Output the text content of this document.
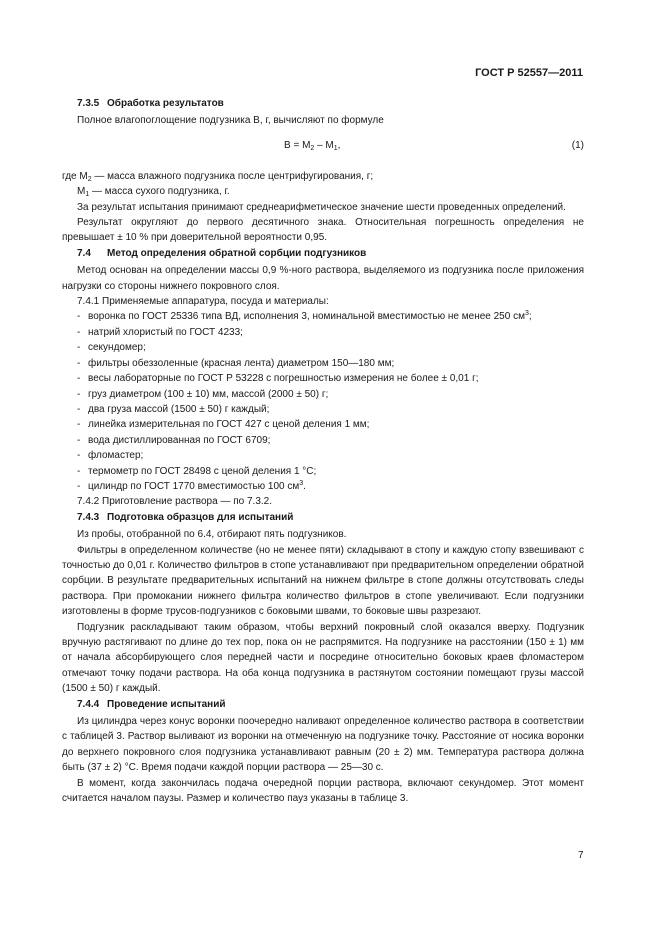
ГОСТ Р 52557—2011

7.3.5 Обработка результатов

Полное влагопоглощение подгузника В, г, вычисляют по формуле

$В = М_2 - М_1$,	(1)

где $М_2$ — масса влажного подгузника после центрифугирования, г;

$М_1$ — масса сухого подгузника, г.

За результат испытания принимают среднеарифметическое значение шести проведенных определений.

Результат округляют до первого десятичного знака. Относительная погрешность определения не превышает ± 10 % при доверительной вероятности 0,95.

7.4 Метод определения обратной сорбции подгузников

Метод основан на определении массы 0,9 %-ного раствора, выделяемого из подгузника после приложения нагрузки со стороны нижнего покровного слоя.

7.4.1 Применяемые аппаратура, посуда и материалы:

- воронка по ГОСТ 25336 типа ВД, исполнения 3, номинальной вместимостью не менее 250 $см^3$;
- натрий хлористый по ГОСТ 4233;
- секундомер;
- фильтры обеззоленные (красная лента) диаметром 150—180 мм;
- весы лабораторные по ГОСТ Р 53228 с погрешностью измерения не более ± 0,01 г;
- груз диаметром (100 ± 10) мм, массой (2000 ± 50) г;
- два груза массой (1500 ± 50) г каждый;
- линейка измерительная по ГОСТ 427 с ценой деления 1 мм;
- вода дистиллированная по ГОСТ 6709;
- фломастер;
- термометр по ГОСТ 28498 с ценой деления 1 °С;
- цилиндр по ГОСТ 1770 вместимостью 100 $см^3$.

7.4.2 Приготовление раствора — по 7.3.2.

7.4.3 Подготовка образцов для испытаний

Из пробы, отобранной по 6.4, отбирают пять подгузников.

Фильтры в определенном количестве (но не менее пяти) складывают в стопу и каждую стопу взвешивают с точностью до 0,01 г. Количество фильтров в стопе устанавливают при предварительном определении обратной сорбции. В результате предварительных испытаний на нижнем фильтре в стопе должны отсутствовать следы раствора. При промокании нижнего фильтра количество фильтров в стопе увеличивают. Если подгузники изготовлены в форме трусов-подгузников с боковыми швами, то боковые швы разрезают.

Подгузник раскладывают таким образом, чтобы верхний покровный слой оказался вверху. Подгузник вручную растягивают по длине до тех пор, пока он не распрямится. На подгузнике на расстоянии (150 ± 1) мм от начала абсорбирующего слоя передней части и посредине относительно боковых краев фломастером отмечают точку подачи раствора. На оба конца подгузника в растянутом состоянии помещают грузы массой (1500 ± 50) г каждый.

7.4.4 Проведение испытаний

Из цилиндра через конус воронки поочередно наливают определенное количество раствора в соответствии с таблицей 3. Раствор выливают из воронки на отмеченную на подгузнике точку. Расстояние от носика воронки до верхнего покровного слоя подгузника устанавливают равным (20 ± 2) мм. Температура раствора должна быть (37 ± 2) °С. Время подачи каждой порции раствора — 25—30 с.

В момент, когда закончилась подача очередной порции раствора, включают секундомер. Этот момент считается началом паузы. Размер и количество пауз указаны в таблице 3.

7
